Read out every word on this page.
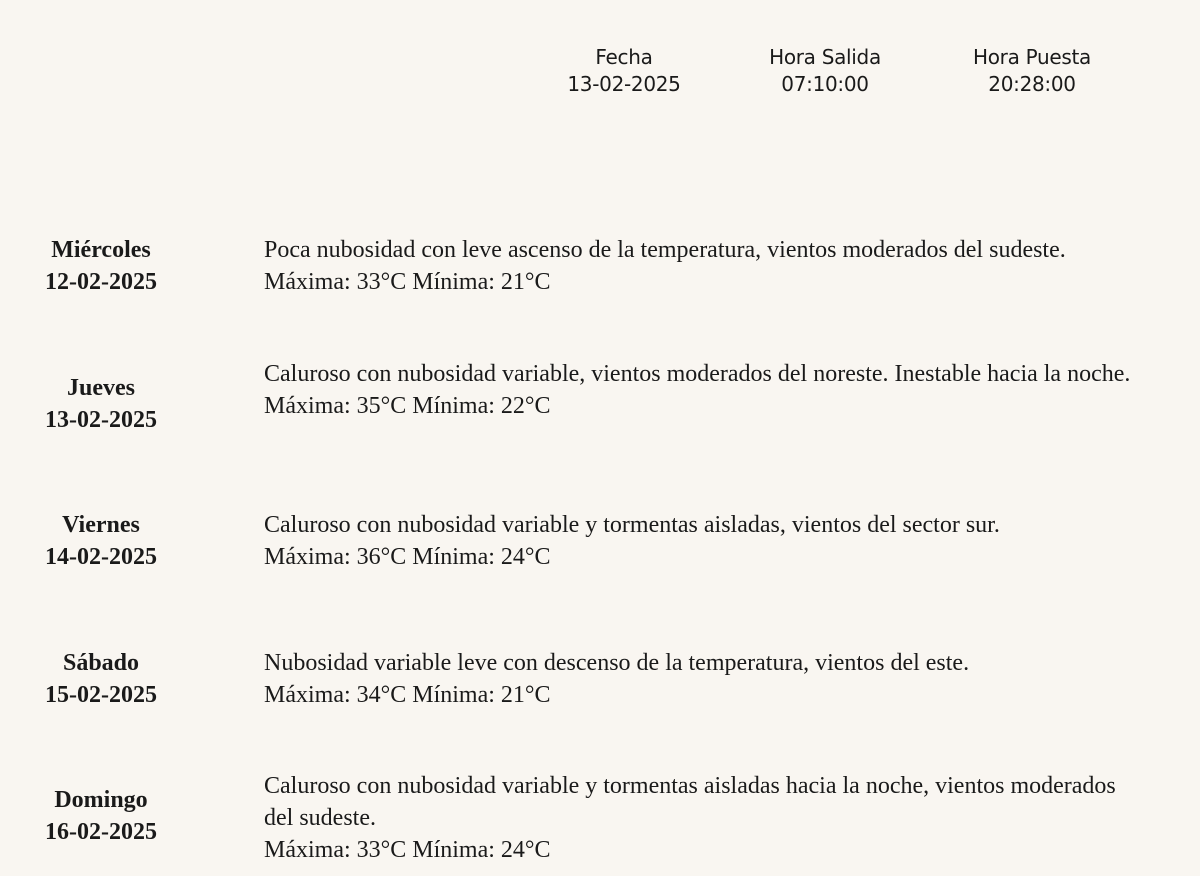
Fecha
13-02-2025
Hora Salida
07:10:00
Hora Puesta
20:28:00
Miércoles
12-02-2025
Poca nubosidad con leve ascenso de la temperatura, vientos moderados del sudeste.
Máxima: 33°C Mínima: 21°C
Jueves
13-02-2025
Caluroso con nubosidad variable, vientos moderados del noreste. Inestable hacia la noche.
Máxima: 35°C Mínima: 22°C
Viernes
14-02-2025
Caluroso con nubosidad variable y tormentas aisladas, vientos del sector sur.
Máxima: 36°C Mínima: 24°C
Sábado
15-02-2025
Nubosidad variable leve con descenso de la temperatura, vientos del este.
Máxima: 34°C Mínima: 21°C
Domingo
16-02-2025
Caluroso con nubosidad variable y tormentas aisladas hacia la noche, vientos moderados del sudeste.
Máxima: 33°C Mínima: 24°C
